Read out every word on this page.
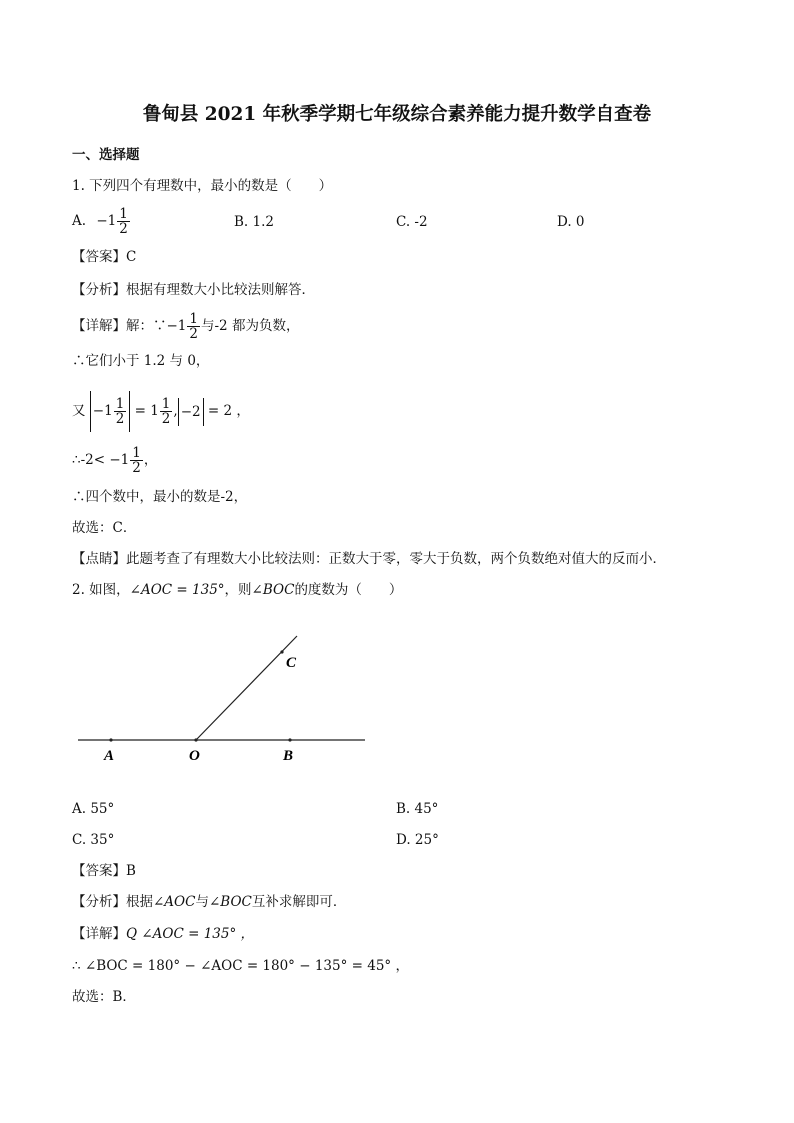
鲁甸县 2021 年秋季学期七年级综合素养能力提升数学自查卷
一、选择题
1. 下列四个有理数中，最小的数是（　　）
A. $-1 \frac{1}{2}$	B. 1.2	C. -2	D. 0
【答案】C
【分析】根据有理数大小比较法则解答．
【详解】解：∵−1 $\frac{1}{2}$ 与-2 都为负数，
∴它们小于 1.2 与 0，
又 $-1 \frac{1}{2} = 1 \frac{1}{2}$ , −2 = 2 ，
∴-2< $-1 \frac{1}{2}$ ，
∴四个数中，最小的数是-2，
故选：C．
【点睛】此题考查了有理数大小比较法则：正数大于零，零大于负数，两个负数绝对值大的反而小．
2. 如图，∠AOC = 135°，则∠BOC的度数为（　　）
A	O	B
C
A. 55°	B. 45°
C. 35°	D. 25°
【答案】B
【分析】根据∠AOC与∠BOC互补求解即可．
【详解】Q ∠AOC = 135° ，
∴ ∠BOC = 180° − ∠AOC = 180° − 135° = 45° ，
故选：B．
